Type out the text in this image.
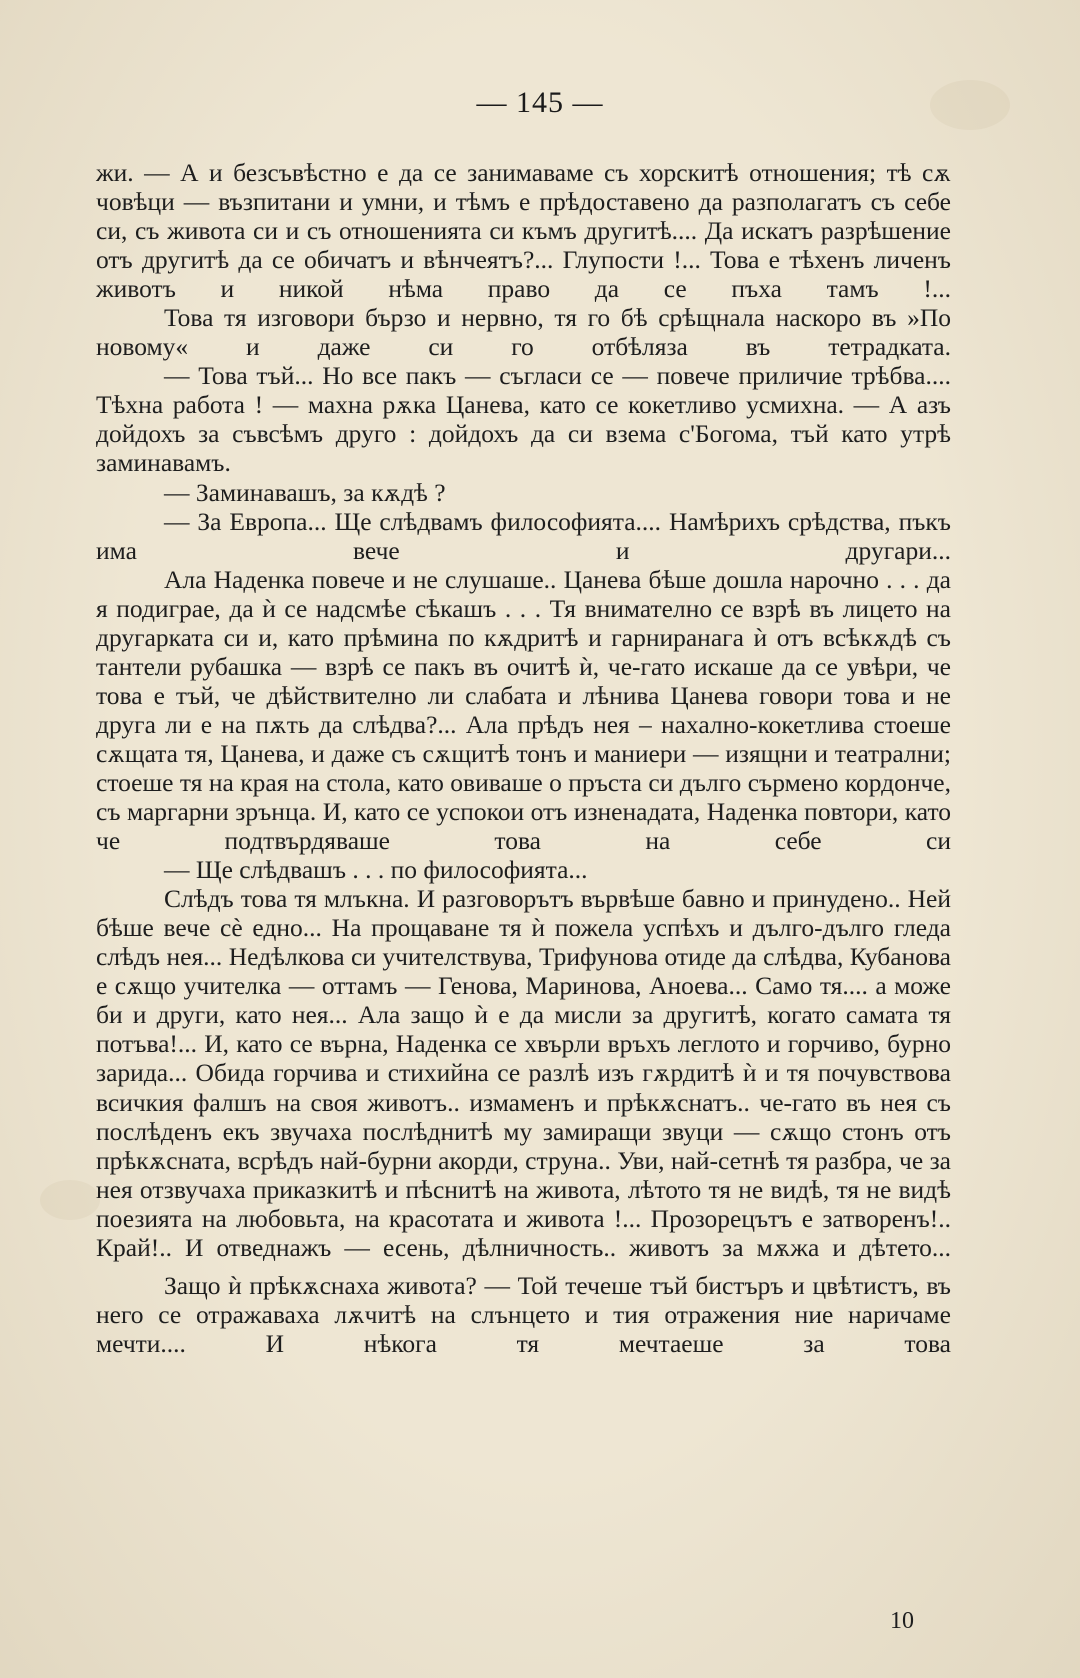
— 145 —

жи. — А и безсъвѣстно е да се занимаваме съ хорскитѣ отношения; тѣ сѫ човѣци — възпитани и умни, и тѣмъ е прѣдоставено да разполагатъ съ себе си, съ живота си и съ отношенията си къмъ другитѣ.... Да искатъ разрѣшение отъ другитѣ да се обичатъ и вѣнчеятъ?... Глупости !... Това е тѣхенъ личенъ животъ и никой нѣма право да се пъха тамъ !...

Това тя изговори бързо и нервно, тя го бѣ срѣщнала наскоро въ »По новому« и даже си го отбѣляза въ тетрадката.

— Това тъй... Но все пакъ — съгласи се — повече приличие трѣбва.... Тѣхна работа ! — махна рѫка Цанева, като се кокетливо усмихна. — А азъ дойдохъ за съвсѣмъ друго : дойдохъ да си взема с'Богома, тъй като утрѣ заминавамъ.

— Заминавашъ, за кѫдѣ ?

— За Европа... Ще слѣдвамъ философията.... Намѣрихъ срѣдства, пъкъ има вече и другари...

Ала Наденка повече и не слушаше.. Цанева бѣше дошла нарочно . . . да я подиграе, да ѝ се надсмѣе сѣкашъ . . . Тя внимателно се взрѣ въ лицето на другарката си и, като прѣмина по кѫдритѣ и гарниранага ѝ отъ всѣкѫдѣ съ тантели рубашка — взрѣ се пакъ въ очитѣ ѝ, че-гато искаше да се увѣри, че това е тъй, че дѣйствително ли слабата и лѣнива Цанева говори това и не друга ли е на пѫть да слѣдва?... Ала прѣдъ нея – нахално-кокетлива стоеше сѫщата тя, Цанева, и даже съ сѫщитѣ тонъ и маниери — изящни и театрални; стоеше тя на края на стола, като овиваше о пръста си дълго сърмено кордонче, съ маргарни зрънца. И, като се успокои отъ изненадата, Наденка повтори, като че подтвърдяваше това на себе си

— Ще слѣдвашъ . . . по философията...

Слѣдъ това тя млъкна. И разговорътъ вървѣше бавно и принудено.. Ней бѣше вече сѐ едно... На прощаване тя ѝ пожела успѣхъ и дълго-дълго гледа слѣдъ нея... Недѣлкова си учителствува, Трифунова отиде да слѣдва, Кубанова е сѫщо учителка — оттамъ — Генова, Маринова, Аноева... Само тя.... а може би и други, като нея... Ала защо ѝ е да мисли за другитѣ, когато самата тя потъва!... И, като се върна, Наденка се хвърли връхъ леглото и горчиво, бурно зарида... Обида горчива и стихийна се разлѣ изъ гѫрдитѣ ѝ и тя почувствова всичкия фалшъ на своя животъ.. измаменъ и прѣкѫснатъ.. че-гато въ нея съ послѣденъ екъ звучаха послѣднитѣ му замиращи звуци — сѫщо стонъ отъ прѣкѫсната, всрѣдъ най-бурни акорди, струна.. Уви, най-сетнѣ тя разбра, че за нея отзвучаха приказкитѣ и пѣснитѣ на живота, лѣтото тя не видѣ, тя не видѣ поезията на любовьта, на красотата и живота !... Прозорецътъ е затворенъ!.. Край!.. И отведнажъ — есень, дѣлничность.. животъ за мѫжа и дѣтето...

Защо ѝ прѣкѫснаха живота? — Той течеше тъй бистъръ и цвѣтистъ, въ него се отражаваха лѫчитѣ на слънцето и тия отражения ние наричаме мечти.... И нѣкога тя мечтаеше за това

10
